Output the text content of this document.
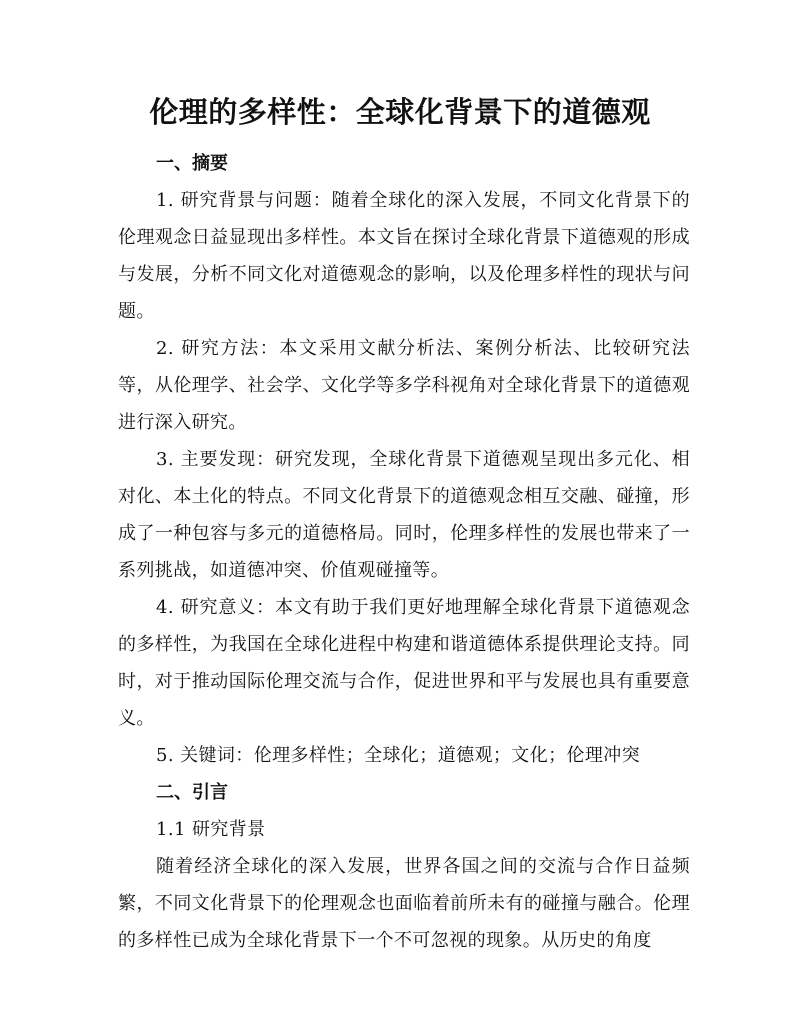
伦理的多样性：全球化背景下的道德观
一、摘要

1. 研究背景与问题：随着全球化的深入发展，不同文化背景下的伦理观念日益显现出多样性。本文旨在探讨全球化背景下道德观的形成与发展，分析不同文化对道德观念的影响，以及伦理多样性的现状与问题。

2. 研究方法：本文采用文献分析法、案例分析法、比较研究法等，从伦理学、社会学、文化学等多学科视角对全球化背景下的道德观进行深入研究。

3. 主要发现：研究发现，全球化背景下道德观呈现出多元化、相对化、本土化的特点。不同文化背景下的道德观念相互交融、碰撞，形成了一种包容与多元的道德格局。同时，伦理多样性的发展也带来了一系列挑战，如道德冲突、价值观碰撞等。

4. 研究意义：本文有助于我们更好地理解全球化背景下道德观念的多样性，为我国在全球化进程中构建和谐道德体系提供理论支持。同时，对于推动国际伦理交流与合作，促进世界和平与发展也具有重要意义。

5. 关键词：伦理多样性；全球化；道德观；文化；伦理冲突

二、引言

1.1 研究背景

随着经济全球化的深入发展，世界各国之间的交流与合作日益频繁，不同文化背景下的伦理观念也面临着前所未有的碰撞与融合。伦理的多样性已成为全球化背景下一个不可忽视的现象。从历史的角度
